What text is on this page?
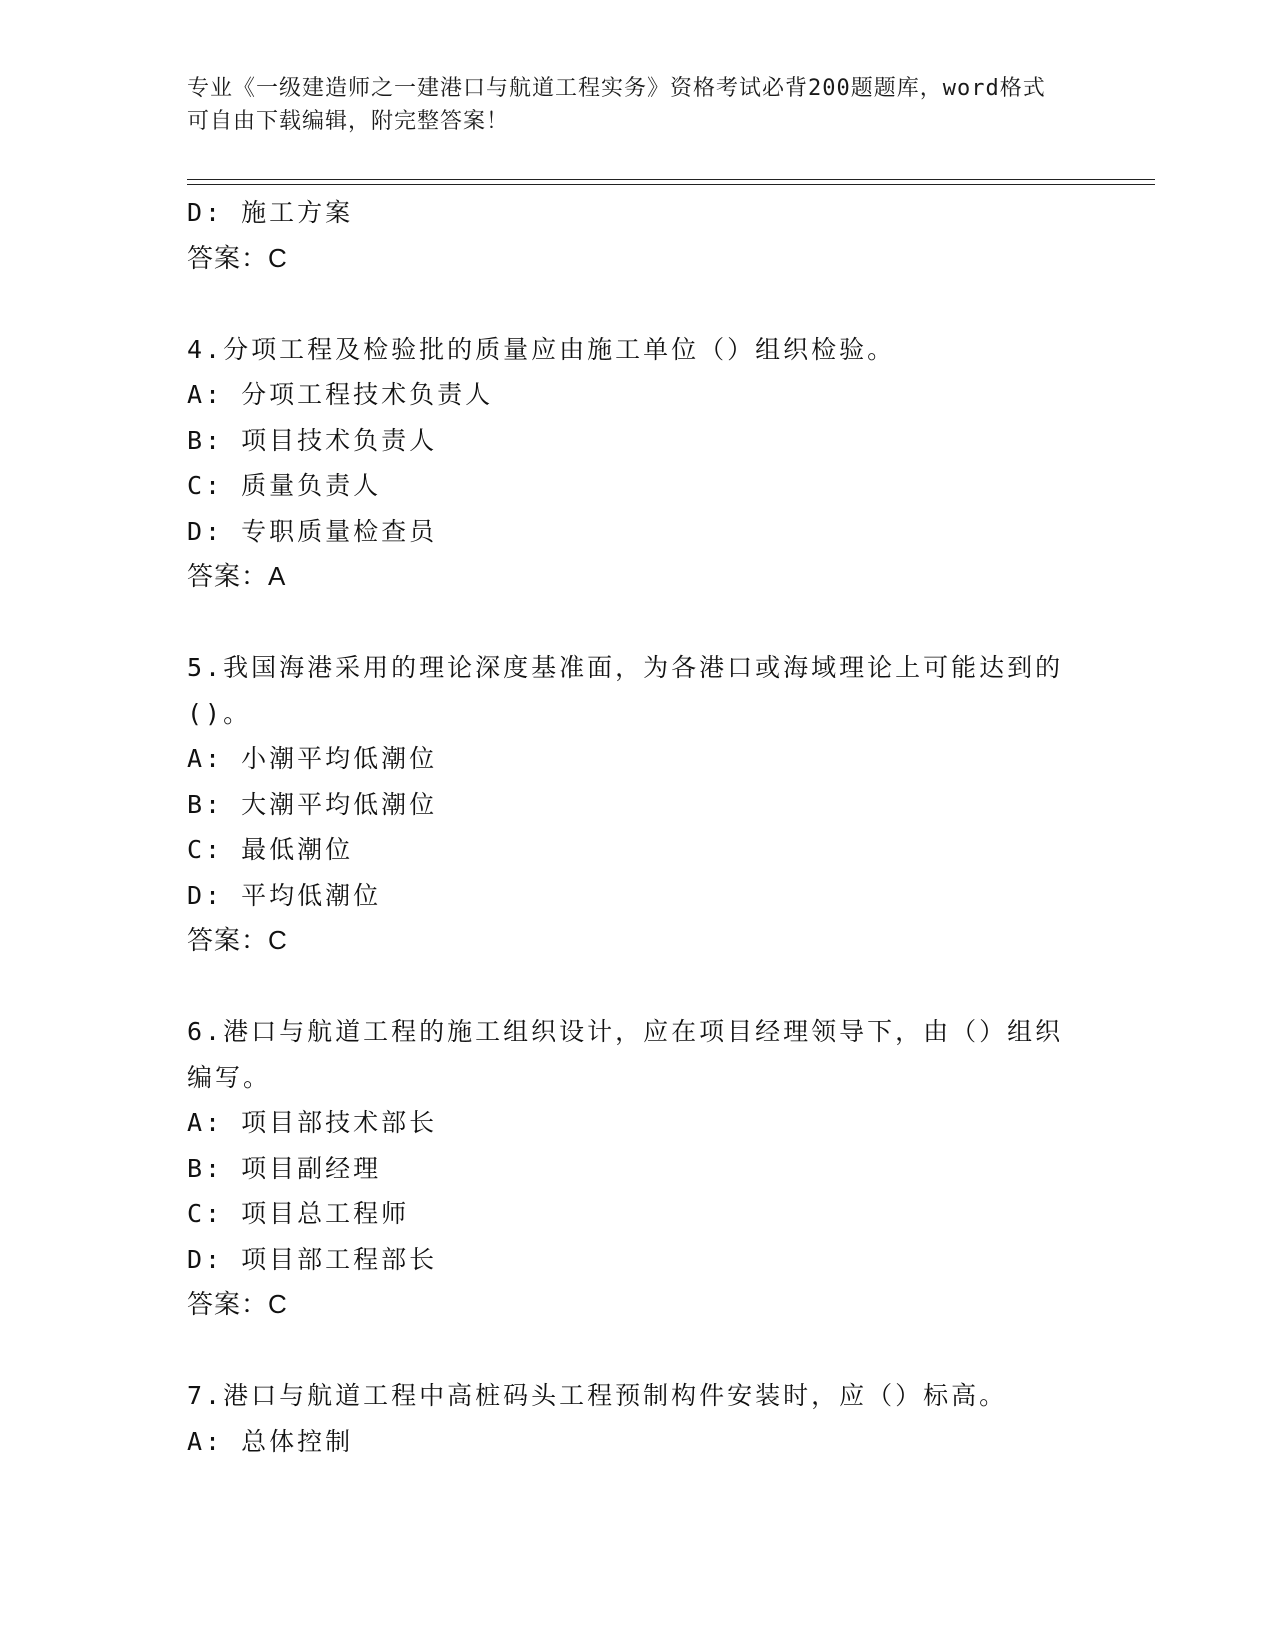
专业《一级建造师之一建港口与航道工程实务》资格考试必背200题题库，word格式可自由下载编辑，附完整答案！
D: 施工方案
答案：C
4.分项工程及检验批的质量应由施工单位（）组织检验。
A: 分项工程技术负责人
B: 项目技术负责人
C: 质量负责人
D: 专职质量检查员
答案：A
5.我国海港采用的理论深度基准面，为各港口或海域理论上可能达到的()。
A: 小潮平均低潮位
B: 大潮平均低潮位
C: 最低潮位
D: 平均低潮位
答案：C
6.港口与航道工程的施工组织设计，应在项目经理领导下，由（）组织编写。
A: 项目部技术部长
B: 项目副经理
C: 项目总工程师
D: 项目部工程部长
答案：C
7.港口与航道工程中高桩码头工程预制构件安装时，应（）标高。
A: 总体控制
